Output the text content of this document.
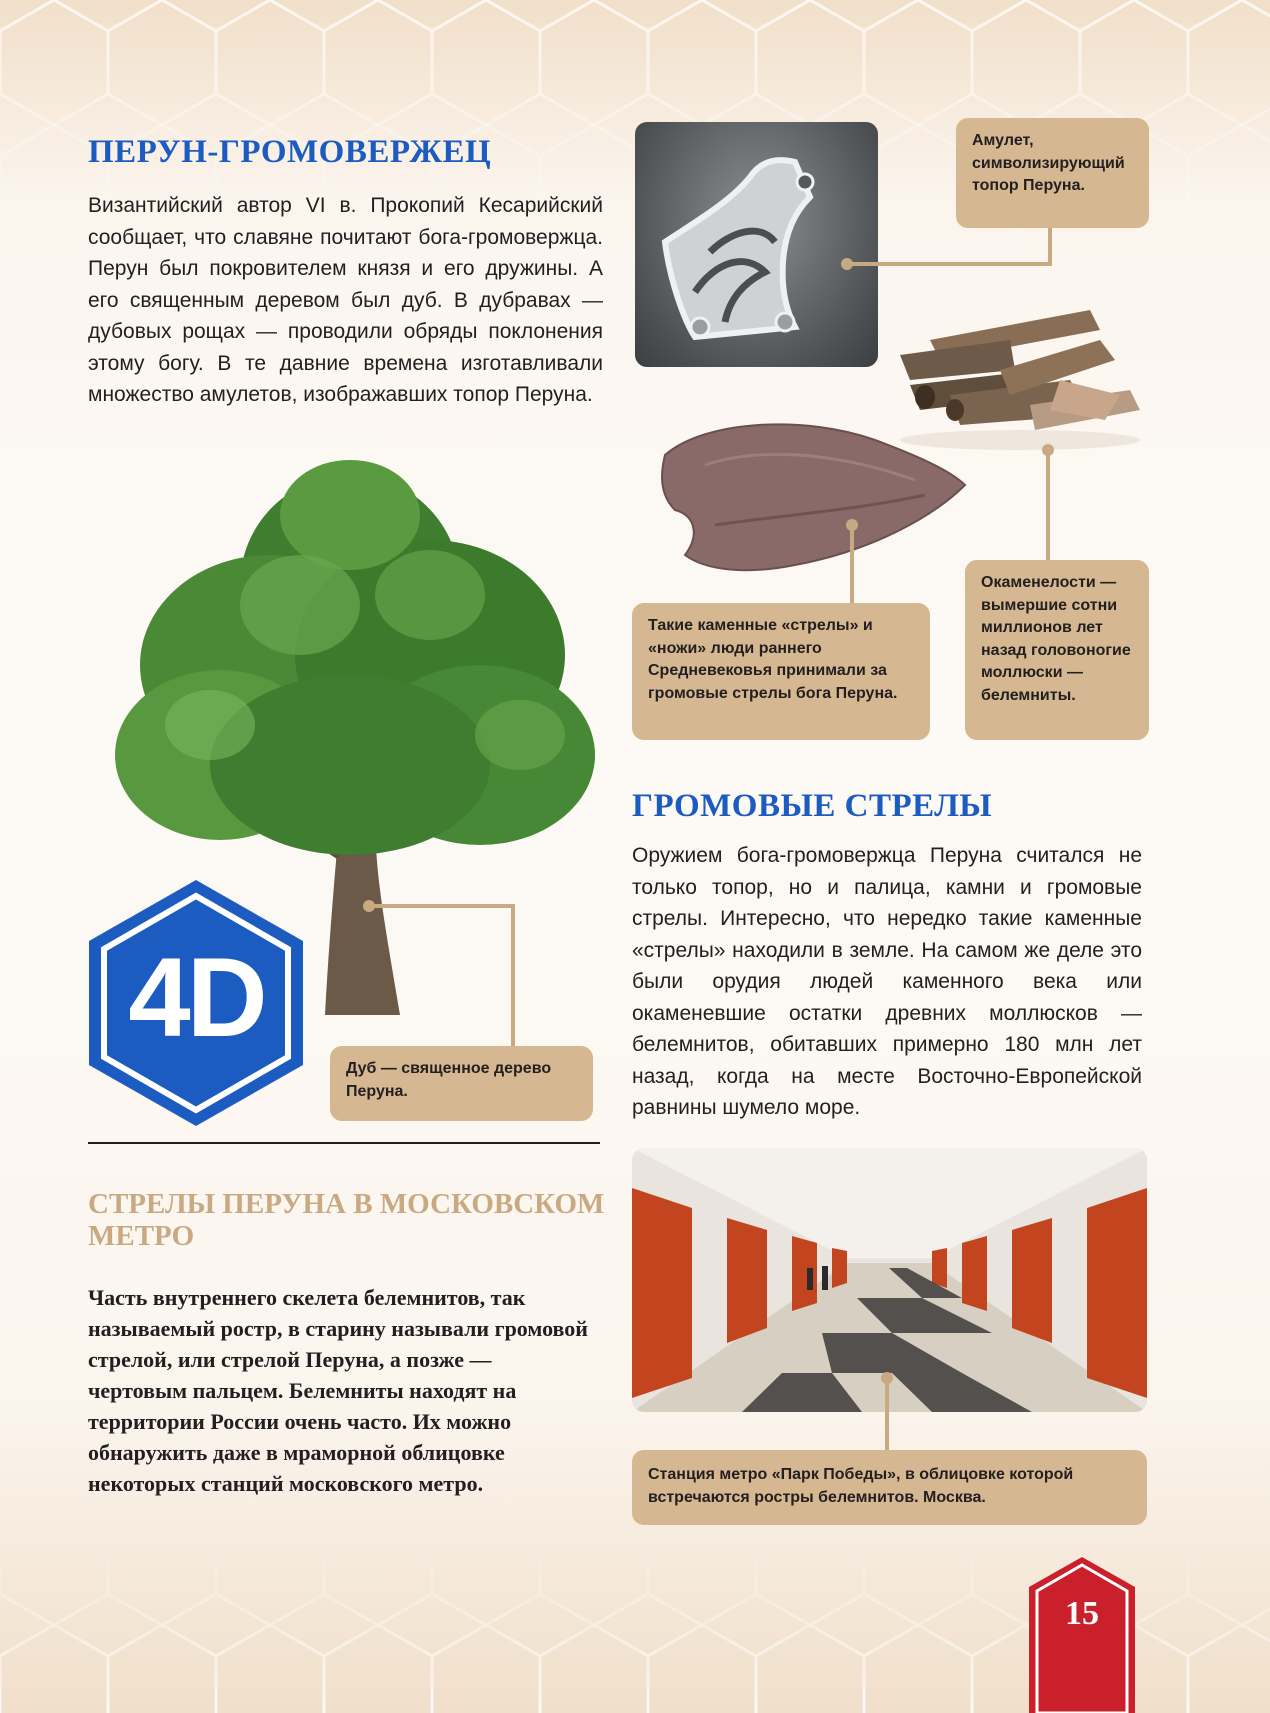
ПЕРУН-ГРОМОВЕРЖЕЦ

Византийский автор VI в. Прокопий Кесарийский сообщает, что славяне почитают бога-громовержца. Перун был покровителем князя и его дружины. А его священным деревом был дуб. В дубравах — дубовых рощах — проводили обряды поклонения этому богу. В те давние времена изготавливали множество амулетов, изображавших топор Перуна.

Амулет, символизирующий топор Перуна.
Такие каменные «стрелы» и «ножи» люди раннего Средневековья принимали за громовые стрелы бога Перуна.
Окаменелости — вымершие сотни миллионов лет назад головоногие моллюски — белемниты.
Дуб — священное дерево Перуна.
4D
ГРОМОВЫЕ СТРЕЛЫ

Оружием бога-громовержца Перуна считался не только топор, но и палица, камни и громовые стрелы. Интересно, что нередко такие каменные «стрелы» находили в земле. На самом же деле это были орудия людей каменного века или окаменевшие остатки древних моллюсков — белемнитов, обитавших примерно 180 млн лет назад, когда на месте Восточно-Европейской равнины шумело море.

СТРЕЛЫ ПЕРУНА В МОСКОВСКОМ МЕТРО

Часть внутреннего скелета белемнитов, так называемый ростр, в старину называли громовой стрелой, или стрелой Перуна, а позже — чертовым пальцем. Белемниты находят на территории России очень часто. Их можно обнаружить даже в мраморной облицовке некоторых станций московского метро.	Станция метро «Парк Победы», в облицовке которой встречаются ростры белемнитов. Москва.
15
